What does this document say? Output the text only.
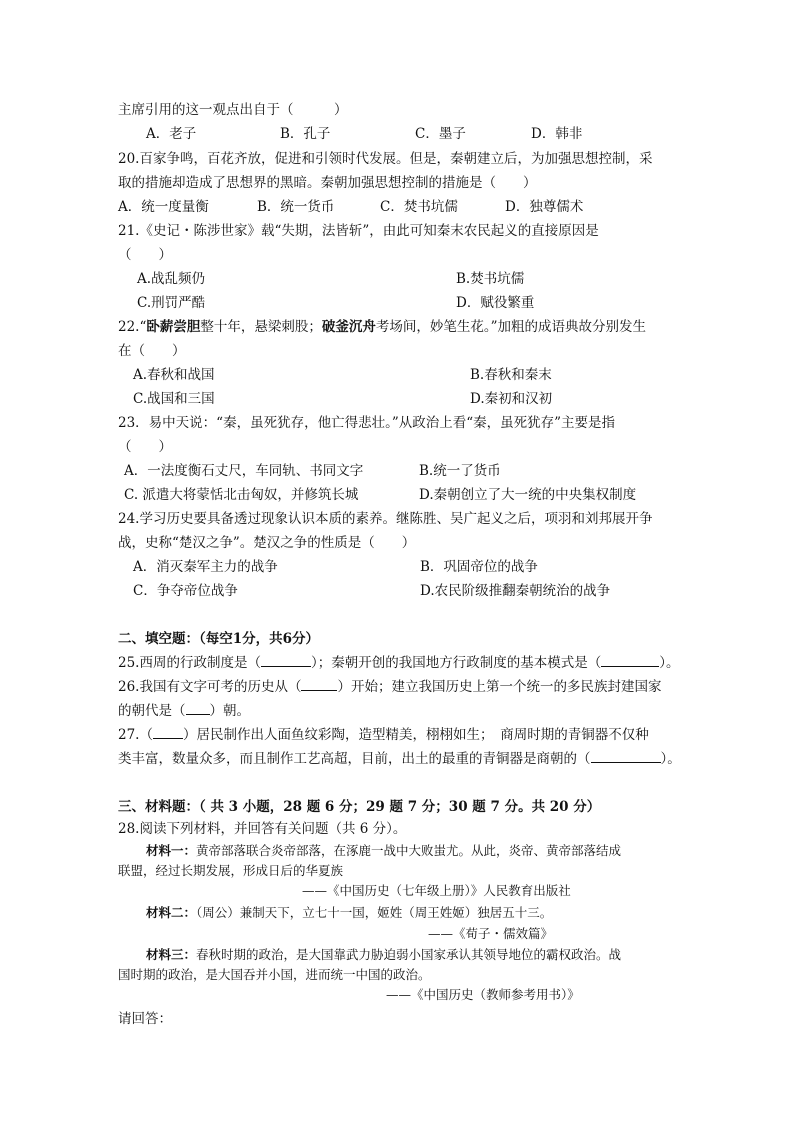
主席引用的这一观点出自于（　　　）
A．老子	B．孔子	C．墨子	D．韩非
20.百家争鸣，百花齐放，促进和引领时代发展。但是，秦朝建立后，为加强思想控制，采
取的措施却造成了思想界的黑暗。秦朝加强思想控制的措施是（　　）
A．统一度量衡	B．统一货币	C．焚书坑儒	D．独尊儒术
21.《史记・陈涉世家》载“失期，法皆斩”，由此可知秦末农民起义的直接原因是
（　　）
A.战乱频仍	B.焚书坑儒
C.刑罚严酷	D．赋役繁重
22.“卧薪尝胆整十年，悬梁刺股；破釜沉舟考场间，妙笔生花。”加粗的成语典故分别发生
在（　　）
A.春秋和战国	B.春秋和秦末
C.战国和三国	D.秦初和汉初
23．易中天说：“秦，虽死犹存，他亡得悲壮。”从政治上看“秦，虽死犹存”主要是指
（　　）
A．一法度衡石丈尺，车同轨、书同文字	B.统一了货币
C. 派遣大将蒙恬北击匈奴，并修筑长城	D.秦朝创立了大一统的中央集权制度
24.学习历史要具备透过现象认识本质的素养。继陈胜、吴广起义之后，项羽和刘邦展开争
战，史称“楚汉之争”。楚汉之争的性质是（　　）
A．消灭秦军主力的战争	B．巩固帝位的战争
C．争夺帝位战争	D.农民阶级推翻秦朝统治的战争
二、填空题：（每空1分，共6分）
25.西周的行政制度是（	）；秦朝开创的我国地方行政制度的基本模式是（	）。
26.我国有文字可考的历史从（	）开始；建立我国历史上第一个统一的多民族封建国家
的朝代是（ ）朝。
27.（ ）居民制作出人面鱼纹彩陶，造型精美，栩栩如生；　商周时期的青铜器不仅种
类丰富，数量众多，而且制作工艺高超，目前，出土的最重的青铜器是商朝的（	）。
三、材料题：（ 共 3 小题，28 题 6 分；29 题 7 分；30 题 7 分。共 20 分）
28.阅读下列材料，并回答有关问题（共 6 分）。
材料一：黄帝部落联合炎帝部落，在涿鹿一战中大败蚩尤。从此，炎帝、黄帝部落结成
联盟，经过长期发展，形成日后的华夏族
——《中国历史（七年级上册）》人民教育出版社
材料二：（周公）兼制天下，立七十一国，姬姓（周王姓姬）独居五十三。
——《荀子・儒效篇》
材料三：春秋时期的政治，是大国靠武力胁迫弱小国家承认其领导地位的霸权政治。战
国时期的政治，是大国吞并小国，进而统一中国的政治。
——《中国历史（教师参考用书）》
请回答：
